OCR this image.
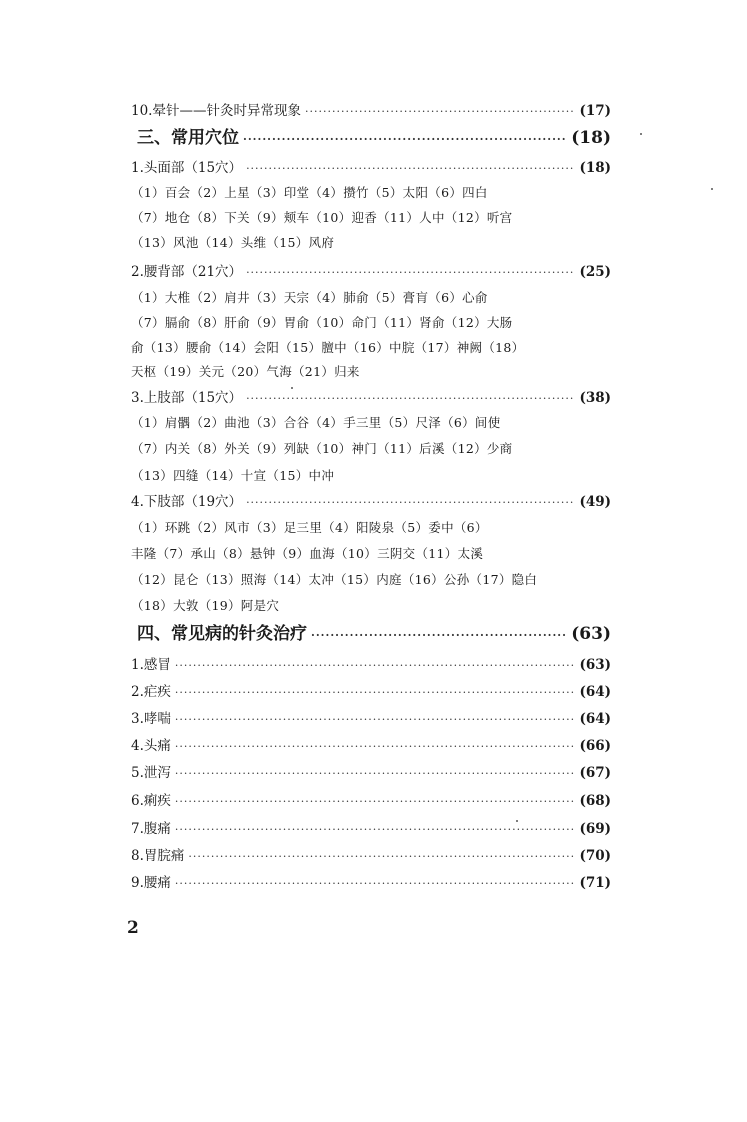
10.晕针——针灸时异常现象 ·····	(17)
三、常用穴位 ·····	(18)
1.头面部（15穴） ·····	(18)
（1）百会（2）上星（3）印堂（4）攒竹（5）太阳（6）四白
（7）地仓（8）下关（9）颊车（10）迎香（11）人中（12）听宫
（13）风池（14）头维（15）风府
2.腰背部（21穴） ·····	(25)
（1）大椎（2）肩井（3）天宗（4）肺俞（5）膏肓（6）心俞
（7）膈俞（8）肝俞（9）胃俞（10）命门（11）肾俞（12）大肠
俞（13）腰俞（14）会阳（15）膻中（16）中脘（17）神阙（18）
天枢（19）关元（20）气海（21）归来
3.上肢部（15穴） ·····	(38)
（1）肩髃（2）曲池（3）合谷（4）手三里（5）尺泽（6）间使
（7）内关（8）外关（9）列缺（10）神门（11）后溪（12）少商
（13）四缝（14）十宣（15）中冲
4.下肢部（19穴） ·····	(49)
（1）环跳（2）风市（3）足三里（4）阳陵泉（5）委中（6）
丰隆（7）承山（8）悬钟（9）血海（10）三阴交（11）太溪
（12）昆仑（13）照海（14）太冲（15）内庭（16）公孙（17）隐白
（18）大敦（19）阿是穴
四、常见病的针灸治疗 ·····	(63)
1.感冒 ·····	(63)
2.疟疾 ·····	(64)
3.哮喘 ·····	(64)
4.头痛 ·····	(66)
5.泄泻 ·····	(67)
6.痢疾 ·····	(68)
7.腹痛 ·····	(69)
8.胃脘痛 ·····	(70)
9.腰痛 ·····	(71)
2
